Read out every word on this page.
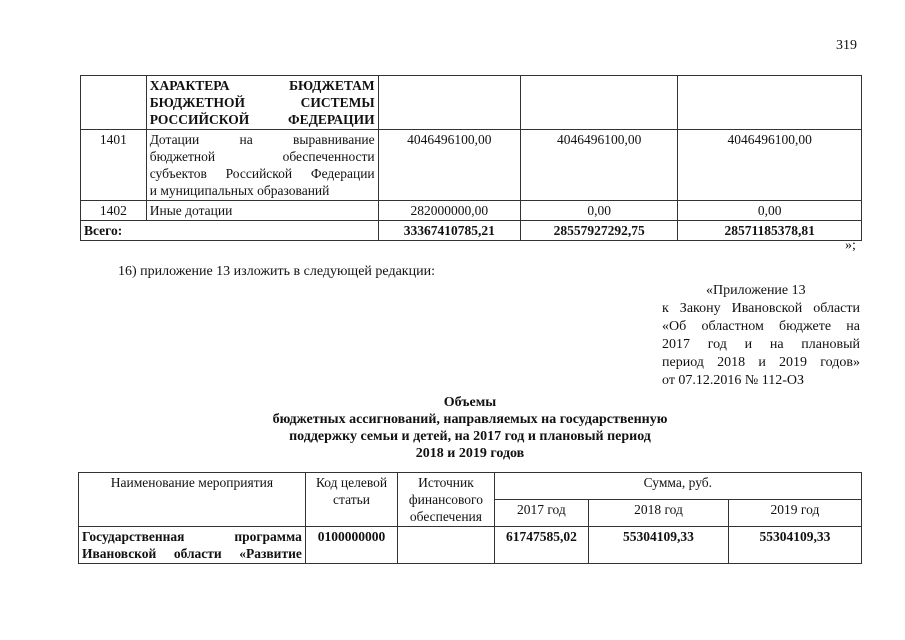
319

	ХАРАКТЕРА БЮДЖЕТАМ
БЮДЖЕТНОЙ СИСТЕМЫ
РОССИЙСКОЙ ФЕДЕРАЦИИ			

1401	Дотации на выравнивание
бюджетной обеспеченности
субъектов Российской Федерации
и муниципальных образований	4046496100,00	4046496100,00	4046496100,00
1402	Иные дотации	282000000,00	0,00	0,00
Всего:		33367410785,21	28557927292,75	28571185378,81
»;
16) приложение 13 изложить в следующей редакции:
«Приложение 13
к Закону Ивановской области
«Об областном бюджете на
2017 год и на плановый
период 2018 и 2019 годов»
от 07.12.2016 № 112-ОЗ
Объемы
бюджетных ассигнований, направляемых на государственную
поддержку семьи и детей, на 2017 год и плановый период
2018 и 2019 годов
Наименование мероприятия	Код целевой статьи	Источник финансового обеспечения	Сумма, руб.		
			2017 год	2018 год	2019 год

Государственная программа
Ивановской области «Развитие	0100000000		61747585,02	55304109,33	55304109,33
